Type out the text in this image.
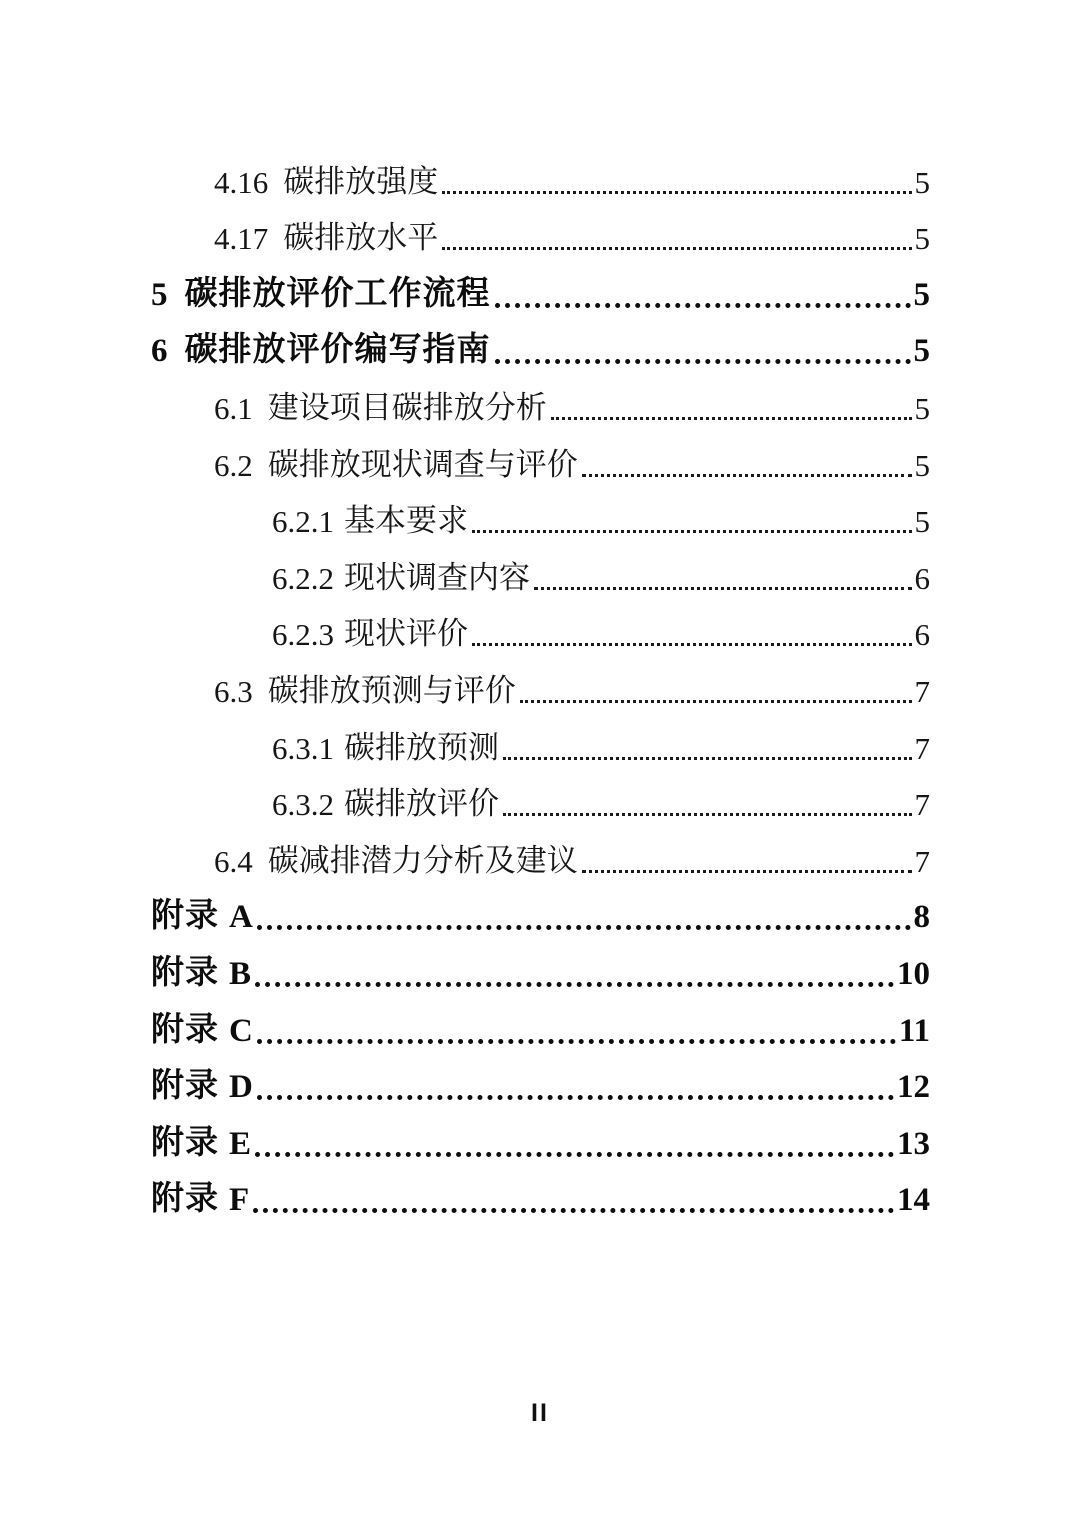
4.16 碳排放强度	5
4.17 碳排放水平	5
5 碳排放评价工作流程	5
6 碳排放评价编写指南	5
6.1 建设项目碳排放分析	5
6.2 碳排放现状调查与评价	5
6.2.1 基本要求	5
6.2.2 现状调查内容	6
6.2.3 现状评价	6
6.3 碳排放预测与评价	7
6.3.1 碳排放预测	7
6.3.2 碳排放评价	7
6.4 碳减排潜力分析及建议	7
附录 A	8
附录 B	10
附录 C	11
附录 D	12
附录 E	13
附录 F	14
II
